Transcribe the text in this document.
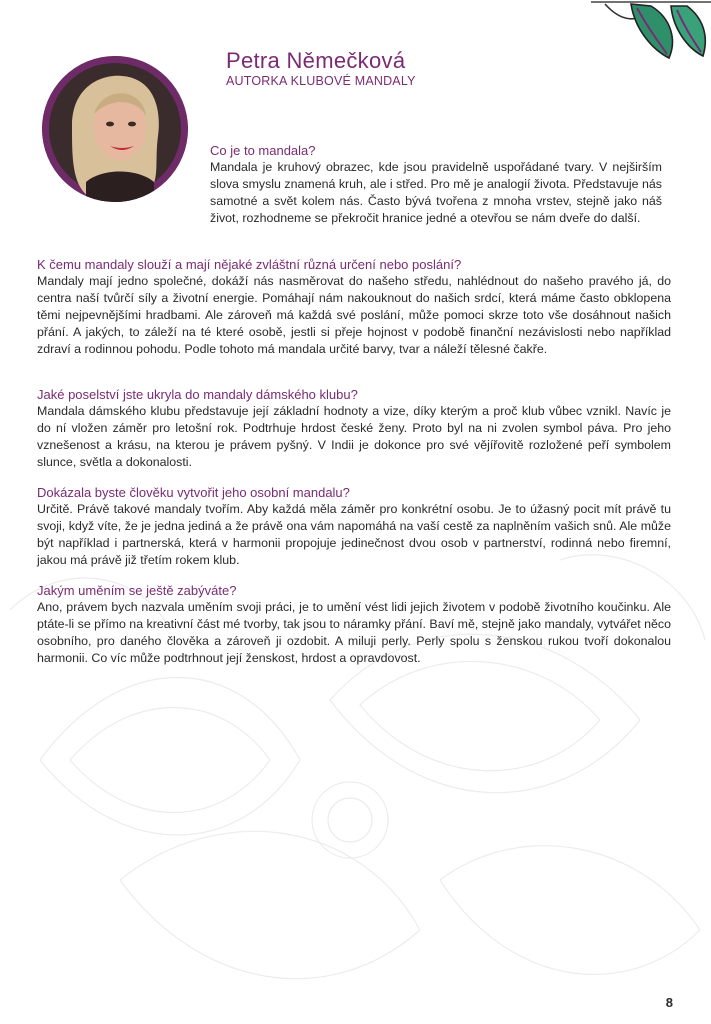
Petra Němečková
AUTORKA KLUBOVÉ MANDALY

Co je to mandala?

Mandala je kruhový obrazec, kde jsou pravidelně uspořádané tvary. V nejširším slova smyslu znamená kruh, ale i střed. Pro mě je analogií života. Představuje nás samotné a svět kolem nás. Často bývá tvořena z mnoha vrstev, stejně jako náš život, rozhodneme se překročit hranice jedné a otevřou se nám dveře do další.

K čemu mandaly slouží a mají nějaké zvláštní různá určení nebo poslání?

Mandaly mají jedno společné, dokáží nás nasměrovat do našeho středu, nahlédnout do našeho pravého já, do centra naší tvůrčí síly a životní energie. Pomáhají nám nakouknout do našich srdcí, která máme často obklopena těmi nejpevnějšími hradbami. Ale zároveň má každá své poslání, může pomoci skrze toto vše dosáhnout našich přání. A jakých, to záleží na té které osobě, jestli si přeje hojnost v podobě finanční nezávislosti nebo například zdraví a rodinnou pohodu. Podle tohoto má mandala určité barvy, tvar a náleží tělesné čakře.

Jaké poselství jste ukryla do mandaly dámského klubu?

Mandala dámského klubu představuje její základní hodnoty a vize, díky kterým a proč klub vůbec vznikl. Navíc je do ní vložen záměr pro letošní rok. Podtrhuje hrdost české ženy. Proto byl na ni zvolen symbol páva. Pro jeho vznešenost a krásu, na kterou je právem pyšný. V Indii je dokonce pro své vějířovitě rozložené peří symbolem slunce, světla a dokonalosti.

Dokázala byste člověku vytvořit jeho osobní mandalu?

Určitě. Právě takové mandaly tvořím. Aby každá měla záměr pro konkrétní osobu. Je to úžasný pocit mít právě tu svoji, když víte, že je jedna jediná a že právě ona vám napomáhá na vaší cestě za naplněním vašich snů. Ale může být například i partnerská, která v harmonii propojuje jedinečnost dvou osob v partnerství, rodinná nebo firemní, jakou má právě již třetím rokem klub.

Jakým uměním se ještě zabýváte?

Ano, právem bych nazvala uměním svoji práci, je to umění vést lidi jejich životem v podobě životního koučinku. Ale ptáte-li se přímo na kreativní část mé tvorby, tak jsou to náramky přání. Baví mě, stejně jako mandaly, vytvářet něco osobního, pro daného člověka a zároveň ji ozdobit. A miluji perly. Perly spolu s ženskou rukou tvoří dokonalou harmonii. Co víc může podtrhnout její ženskost, hrdost a opravdovost.

8
